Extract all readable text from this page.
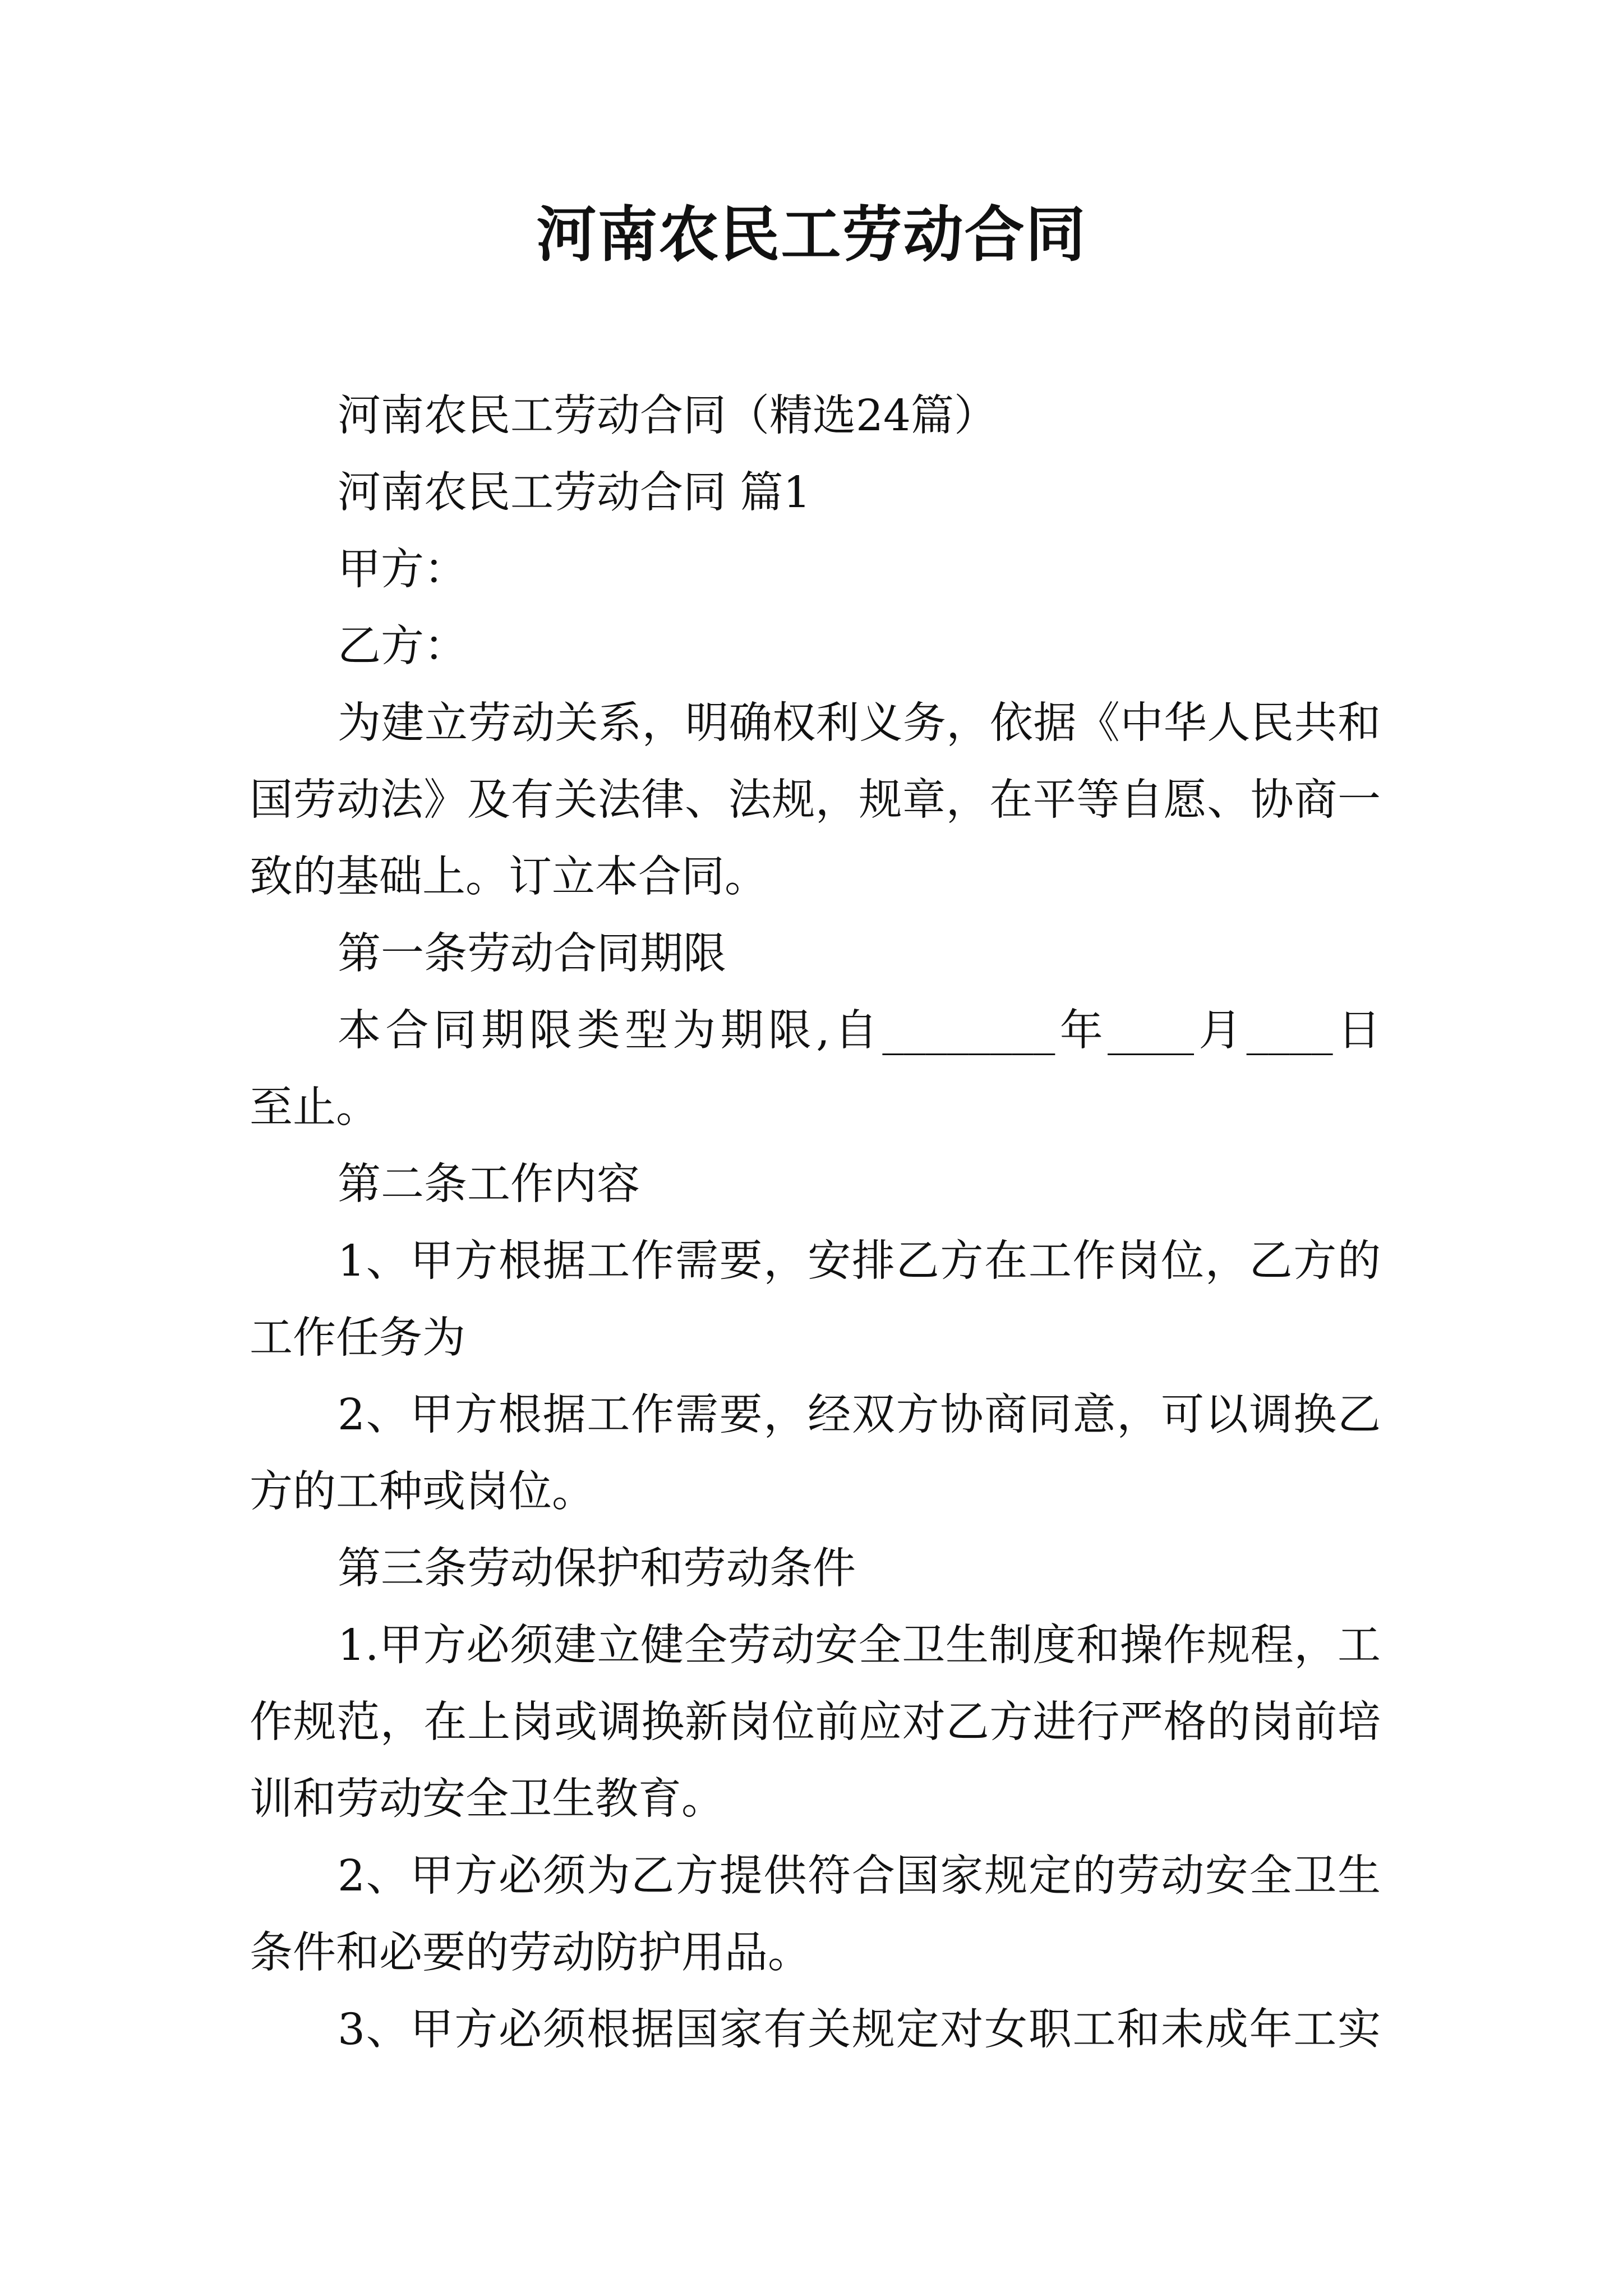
河南农民工劳动合同
河南农民工劳动合同（精选24篇）
河南农民工劳动合同 篇1
甲方：
乙方：
为建立劳动关系，明确权利义务，依据《中华人民共和
国劳动法》及有关法律、法规，规章，在平等自愿、协商一
致的基础上。订立本合同。
第一条劳动合同期限
本合同期限类型为期限,自________年____月____日
至止。
第二条工作内容
1、甲方根据工作需要，安排乙方在工作岗位，乙方的
工作任务为
2、甲方根据工作需要，经双方协商同意，可以调换乙
方的工种或岗位。
第三条劳动保护和劳动条件
1.甲方必须建立健全劳动安全卫生制度和操作规程，工
作规范，在上岗或调换新岗位前应对乙方进行严格的岗前培
训和劳动安全卫生教育。
2、甲方必须为乙方提供符合国家规定的劳动安全卫生
条件和必要的劳动防护用品。
3、甲方必须根据国家有关规定对女职工和未成年工实
